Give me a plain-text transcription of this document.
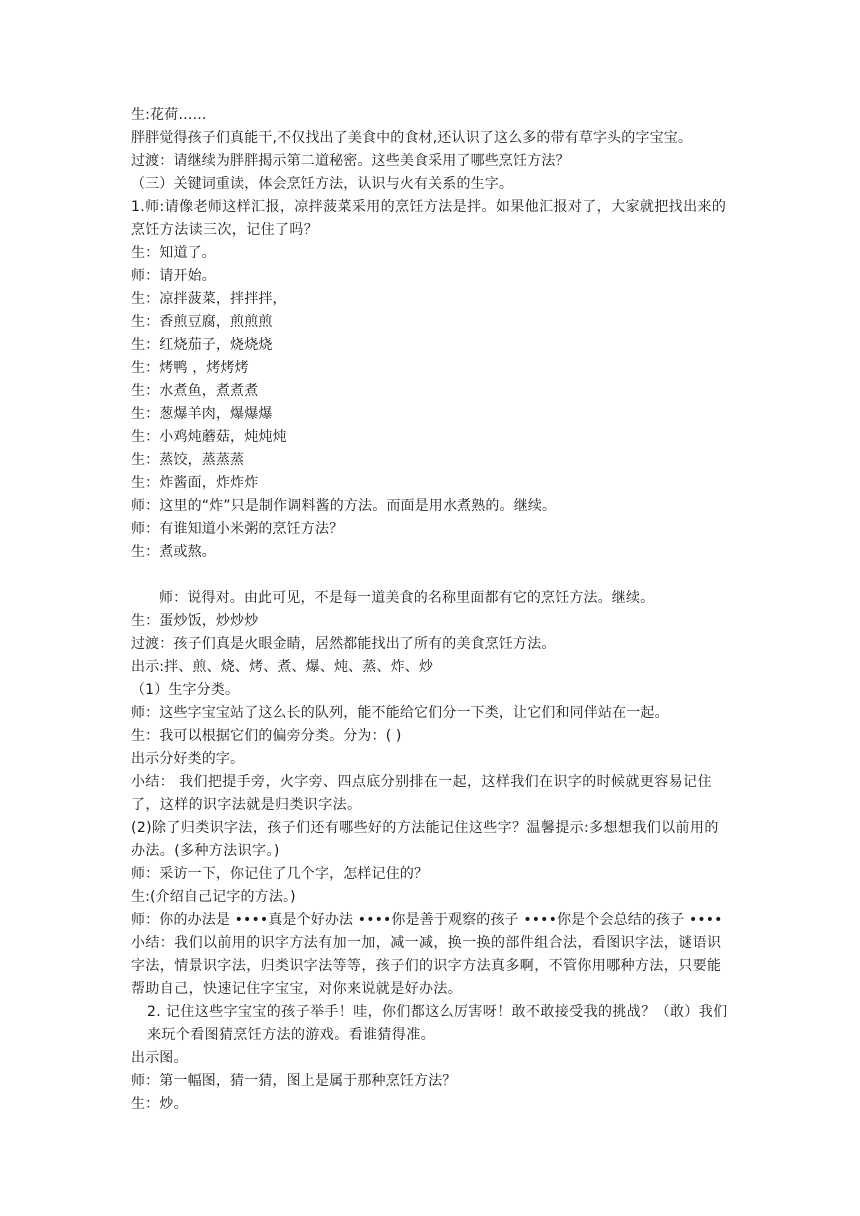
生:花荷……
胖胖觉得孩子们真能干,不仅找出了美食中的食材,还认识了这么多的带有草字头的字宝宝。
过渡：请继续为胖胖揭示第二道秘密。这些美食采用了哪些烹饪方法？
（三）关键词重读，体会烹饪方法，认识与火有关系的生字。
1.师:请像老师这样汇报，凉拌菠菜采用的烹饪方法是拌。如果他汇报对了，大家就把找出来的烹饪方法读三次，记住了吗？
生：知道了。
师：请开始。
生：凉拌菠菜，拌拌拌，
生：香煎豆腐，煎煎煎
生：红烧茄子，烧烧烧
生：烤鸭 ，烤烤烤
生：水煮鱼，煮煮煮
生：葱爆羊肉，爆爆爆
生：小鸡炖蘑菇，炖炖炖
生：蒸饺，蒸蒸蒸
生：炸酱面，炸炸炸
师：这里的“炸”只是制作调料酱的方法。而面是用水煮熟的。继续。
师：有谁知道小米粥的烹饪方法？
生：煮或熬。
师：说得对。由此可见，不是每一道美食的名称里面都有它的烹饪方法。继续。
生：蛋炒饭，炒炒炒
过渡：孩子们真是火眼金睛，居然都能找出了所有的美食烹饪方法。
出示:拌、煎、烧、烤、煮、爆、炖、蒸、炸、炒
（1）生字分类。
师：这些字宝宝站了这么长的队列，能不能给它们分一下类，让它们和同伴站在一起。
生：我可以根据它们的偏旁分类。分为：( )
出示分好类的字。
小结： 我们把提手旁，火字旁、四点底分别排在一起，这样我们在识字的时候就更容易记住了，这样的识字法就是归类识字法。
(2)除了归类识字法，孩子们还有哪些好的方法能记住这些字？温馨提示:多想想我们以前用的办法。(多种方法识字。)
师：采访一下，你记住了几个字，怎样记住的？
生:(介绍自己记字的方法。)
师：你的办法是 ••••真是个好办法 ••••你是善于观察的孩子 ••••你是个会总结的孩子 ••••
小结：我们以前用的识字方法有加一加，减一减，换一换的部件组合法，看图识字法，谜语识字法，情景识字法，归类识字法等等，孩子们的识字方法真多啊，不管你用哪种方法，只要能帮助自己，快速记住字宝宝，对你来说就是好办法。
2. 记住这些字宝宝的孩子举手！哇，你们都这么厉害呀！敢不敢接受我的挑战？（敢）我们来玩个看图猜烹饪方法的游戏。看谁猜得准。
出示图。
师：第一幅图，猜一猜，图上是属于那种烹饪方法？
生：炒。
